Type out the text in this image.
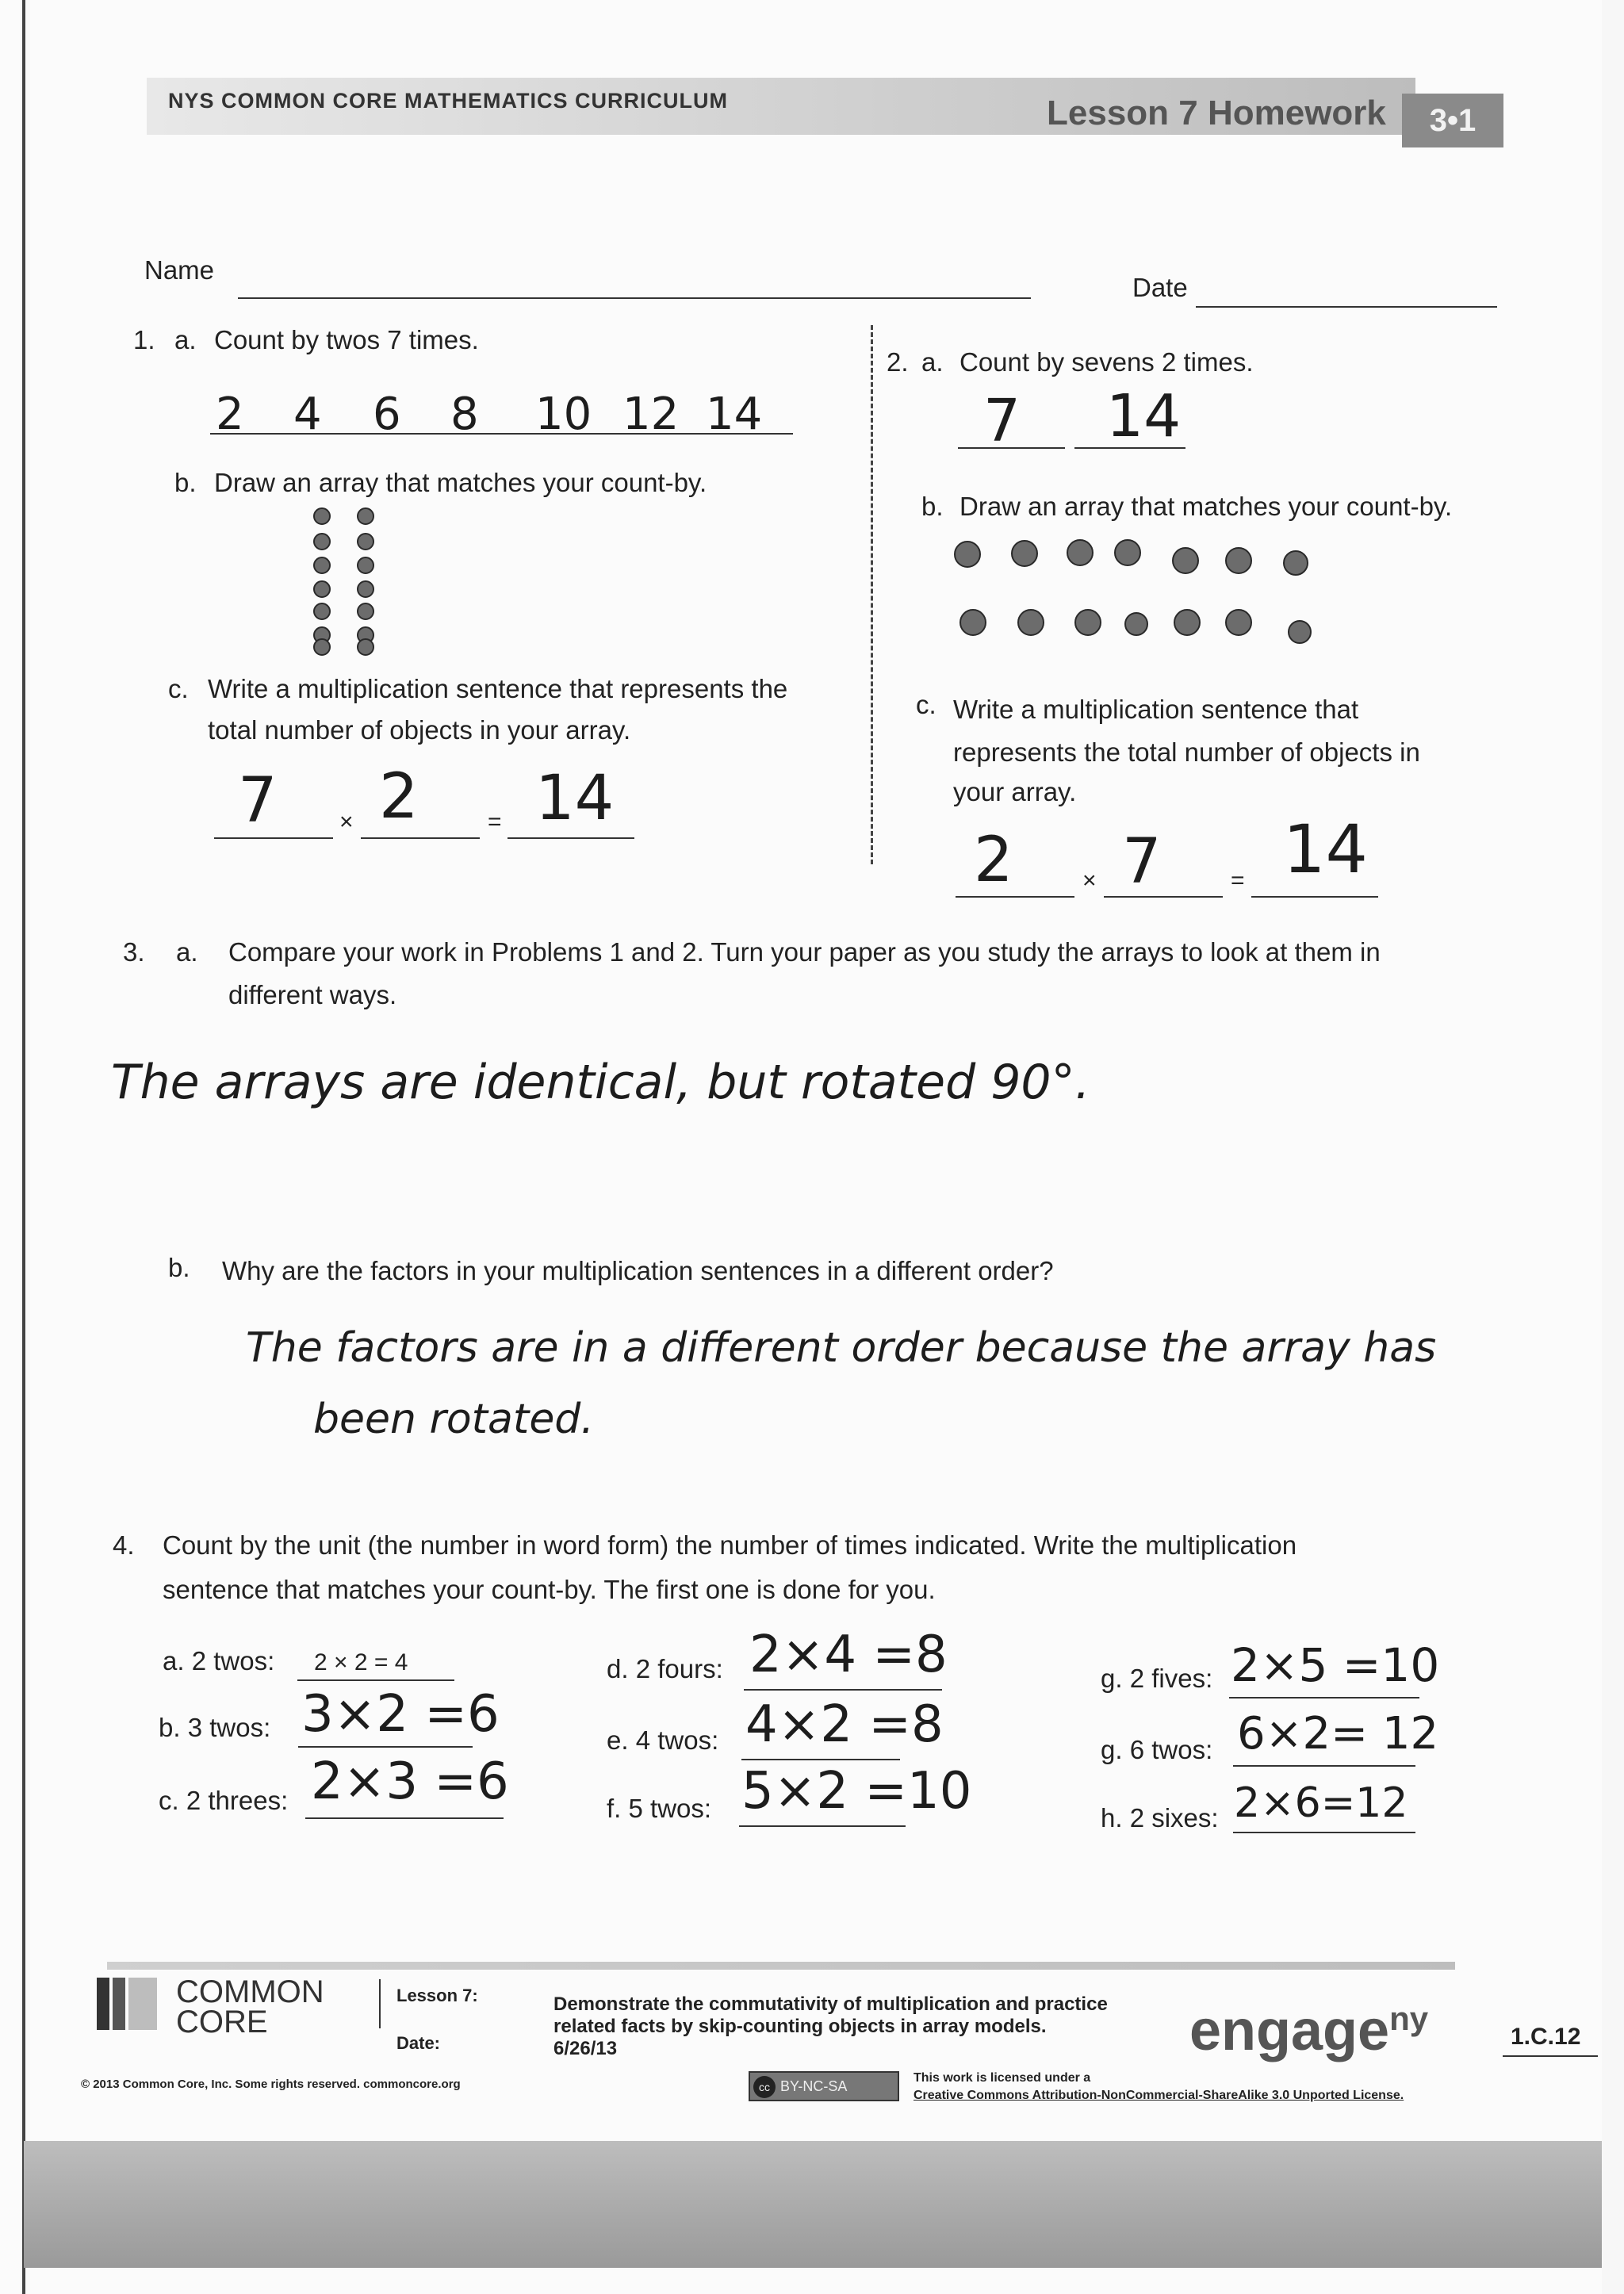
NYS COMMON CORE MATHEMATICS CURRICULUM	Lesson 7 Homework	3•1
Name
Date
1. a. Count by twos 7 times.
2 4 6 8 10 12 14
b. Draw an array that matches your count-by.
c. Write a multiplication sentence that represents the
total number of objects in your array.
7	× 2	= 14
2. a. Count by sevens 2 times.
7 14
b. Draw an array that matches your count-by.
c. Write a multiplication sentence that
represents the total number of objects in
your array.
2	× 7	= 14
3. a. Compare your work in Problems 1 and 2. Turn your paper as you study the arrays to look at them in
different ways.
The arrays are identical, but rotated 90°.
b. Why are the factors in your multiplication sentences in a different order?
The factors are in a different order because the array has
been rotated.
4. Count by the unit (the number in word form) the number of times indicated. Write the multiplication
sentence that matches your count-by. The first one is done for you.
a. 2 twos: 2 × 2 = 4
b. 3 twos: 3×2 =6
c. 2 threes: 2×3 =6
d. 2 fours: 2×4 =8
e. 4 twos: 4×2 =8
f. 5 twos: 5×2 =10
g. 2 fives: 2×5 =10
g. 6 twos: 6×2= 12
h. 2 sixes: 2×6=12
COMMON
CORE
Lesson 7:
Date:
Demonstrate the commutativity of multiplication and practice
related facts by skip-counting objects in array models.
6/26/13	engage$^{ny}$	1.C.12
© 2013 Common Core, Inc. Some rights reserved. commoncore.org	cc BY-NC-SA
This work is licensed under a
Creative Commons Attribution-NonCommercial-ShareAlike 3.0 Unported License.
